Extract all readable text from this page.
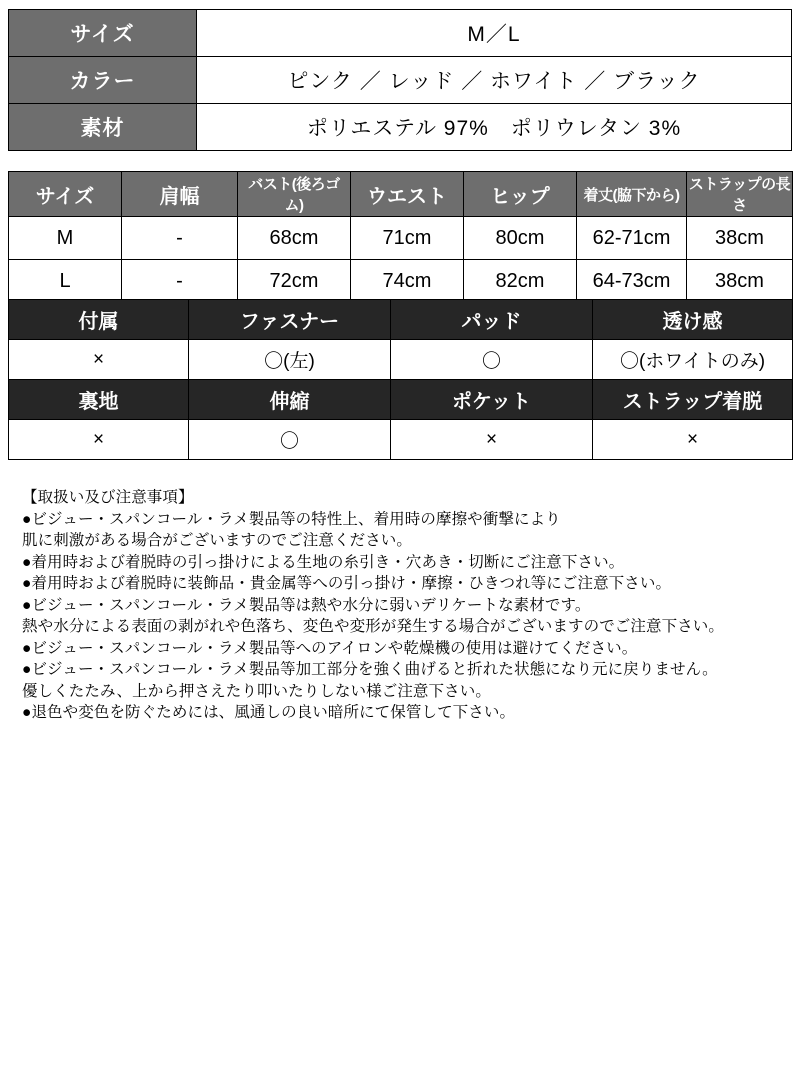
サイズ	M／L
カラー	ピンク ／ レッド ／ ホワイト ／ ブラック
素材	ポリエステル 97%　ポリウレタン 3%
サイズ	肩幅	バスト(後ろゴム)	ウエスト	ヒップ	着丈(脇下から)	ストラップの長さ
M	-	68cm	71cm	80cm	62-71cm	38cm
L	-	72cm	74cm	82cm	64-73cm	38cm
付属	ファスナー	パッド	透け感
×	〇(左)	〇	〇(ホワイトのみ)
裏地	伸縮	ポケット	ストラップ着脱
×	〇	×	×
【取扱い及び注意事項】
●ビジュー・スパンコール・ラメ製品等の特性上、着用時の摩擦や衝撃により
肌に刺激がある場合がございますのでご注意ください。
●着用時および着脱時の引っ掛けによる生地の糸引き・穴あき・切断にご注意下さい。
●着用時および着脱時に装飾品・貴金属等への引っ掛け・摩擦・ひきつれ等にご注意下さい。
●ビジュー・スパンコール・ラメ製品等は熱や水分に弱いデリケートな素材です。
熱や水分による表面の剥がれや色落ち、変色や変形が発生する場合がございますのでご注意下さい。
●ビジュー・スパンコール・ラメ製品等へのアイロンや乾燥機の使用は避けてください。
●ビジュー・スパンコール・ラメ製品等加工部分を強く曲げると折れた状態になり元に戻りません。
優しくたたみ、上から押さえたり叩いたりしない様ご注意下さい。
●退色や変色を防ぐためには、風通しの良い暗所にて保管して下さい。
